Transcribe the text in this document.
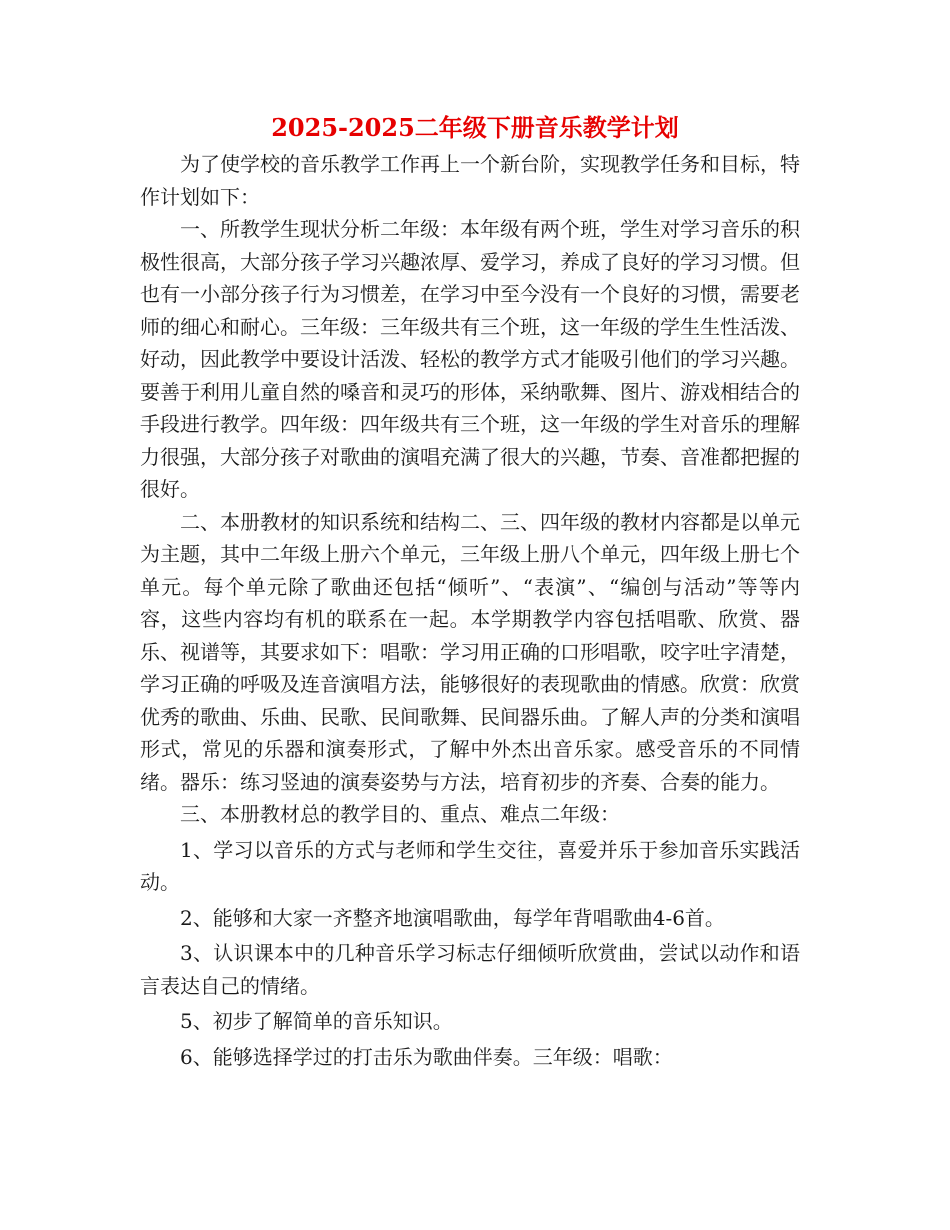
2025-2025二年级下册音乐教学计划

为了使学校的音乐教学工作再上一个新台阶，实现教学任务和目标，特作计划如下：

一、所教学生现状分析二年级：本年级有两个班，学生对学习音乐的积极性很高，大部分孩子学习兴趣浓厚、爱学习，养成了良好的学习习惯。但也有一小部分孩子行为习惯差，在学习中至今没有一个良好的习惯，需要老师的细心和耐心。三年级：三年级共有三个班，这一年级的学生生性活泼、好动，因此教学中要设计活泼、轻松的教学方式才能吸引他们的学习兴趣。要善于利用儿童自然的嗓音和灵巧的形体，采纳歌舞、图片、游戏相结合的手段进行教学。四年级：四年级共有三个班，这一年级的学生对音乐的理解力很强，大部分孩子对歌曲的演唱充满了很大的兴趣，节奏、音准都把握的很好。

二、本册教材的知识系统和结构二、三、四年级的教材内容都是以单元为主题，其中二年级上册六个单元，三年级上册八个单元，四年级上册七个单元。每个单元除了歌曲还包括“倾听”、“表演”、“编创与活动”等等内容，这些内容均有机的联系在一起。本学期教学内容包括唱歌、欣赏、器乐、视谱等，其要求如下：唱歌：学习用正确的口形唱歌，咬字吐字清楚，学习正确的呼吸及连音演唱方法，能够很好的表现歌曲的情感。欣赏：欣赏优秀的歌曲、乐曲、民歌、民间歌舞、民间器乐曲。了解人声的分类和演唱形式，常见的乐器和演奏形式，了解中外杰出音乐家。感受音乐的不同情绪。器乐：练习竖迪的演奏姿势与方法，培育初步的齐奏、合奏的能力。

三、本册教材总的教学目的、重点、难点二年级：

1、学习以音乐的方式与老师和学生交往，喜爱并乐于参加音乐实践活动。

2、能够和大家一齐整齐地演唱歌曲，每学年背唱歌曲4-6首。

3、认识课本中的几种音乐学习标志仔细倾听欣赏曲，尝试以动作和语言表达自己的情绪。

5、初步了解简单的音乐知识。

6、能够选择学过的打击乐为歌曲伴奏。三年级：唱歌：
